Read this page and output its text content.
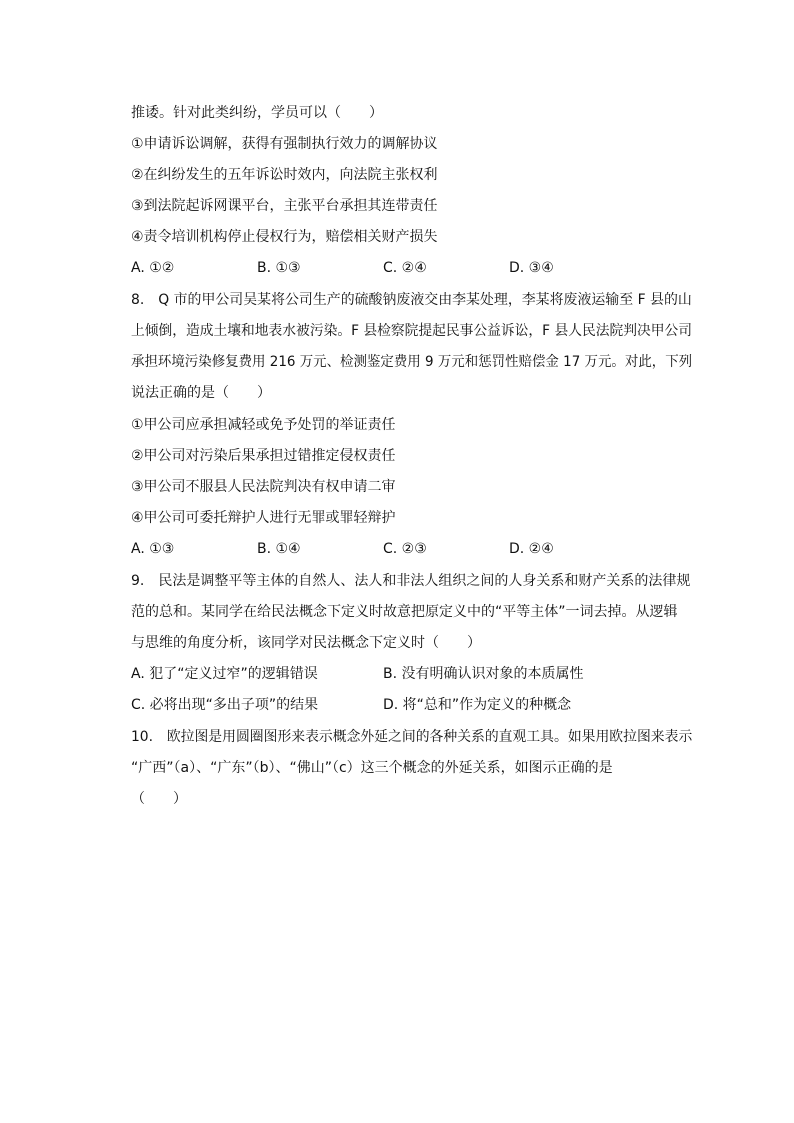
推诿。针对此类纠纷，学员可以（　　）
①申请诉讼调解，获得有强制执行效力的调解协议
②在纠纷发生的五年诉讼时效内，向法院主张权利
③到法院起诉网课平台，主张平台承担其连带责任
④责令培训机构停止侵权行为，赔偿相关财产损失
A. ①②	B. ①③	C. ②④	D. ③④
8.　Q 市的甲公司吴某将公司生产的硫酸钠废液交由李某处理，李某将废液运输至 F 县的山
上倾倒，造成土壤和地表水被污染。F 县检察院提起民事公益诉讼，F 县人民法院判决甲公司
承担环境污染修复费用 216 万元、检测鉴定费用 9 万元和惩罚性赔偿金 17 万元。对此，下列
说法正确的是（　　）
①甲公司应承担减轻或免予处罚的举证责任
②甲公司对污染后果承担过错推定侵权责任
③甲公司不服县人民法院判决有权申请二审
④甲公司可委托辩护人进行无罪或罪轻辩护
A. ①③	B. ①④	C. ②③	D. ②④
9.　民法是调整平等主体的自然人、法人和非法人组织之间的人身关系和财产关系的法律规
范的总和。某同学在给民法概念下定义时故意把原定义中的“平等主体”一词去掉。从逻辑
与思维的角度分析，该同学对民法概念下定义时（　　）
A. 犯了“定义过窄”的逻辑错误	B. 没有明确认识对象的本质属性
C. 必将出现“多出子项”的结果	D. 将“总和”作为定义的种概念
10.　欧拉图是用圆圈图形来表示概念外延之间的各种关系的直观工具。如果用欧拉图来表示
“广西”（a）、“广东”（b）、“佛山”（c）这三个概念的外延关系，如图示正确的是
（　　）
